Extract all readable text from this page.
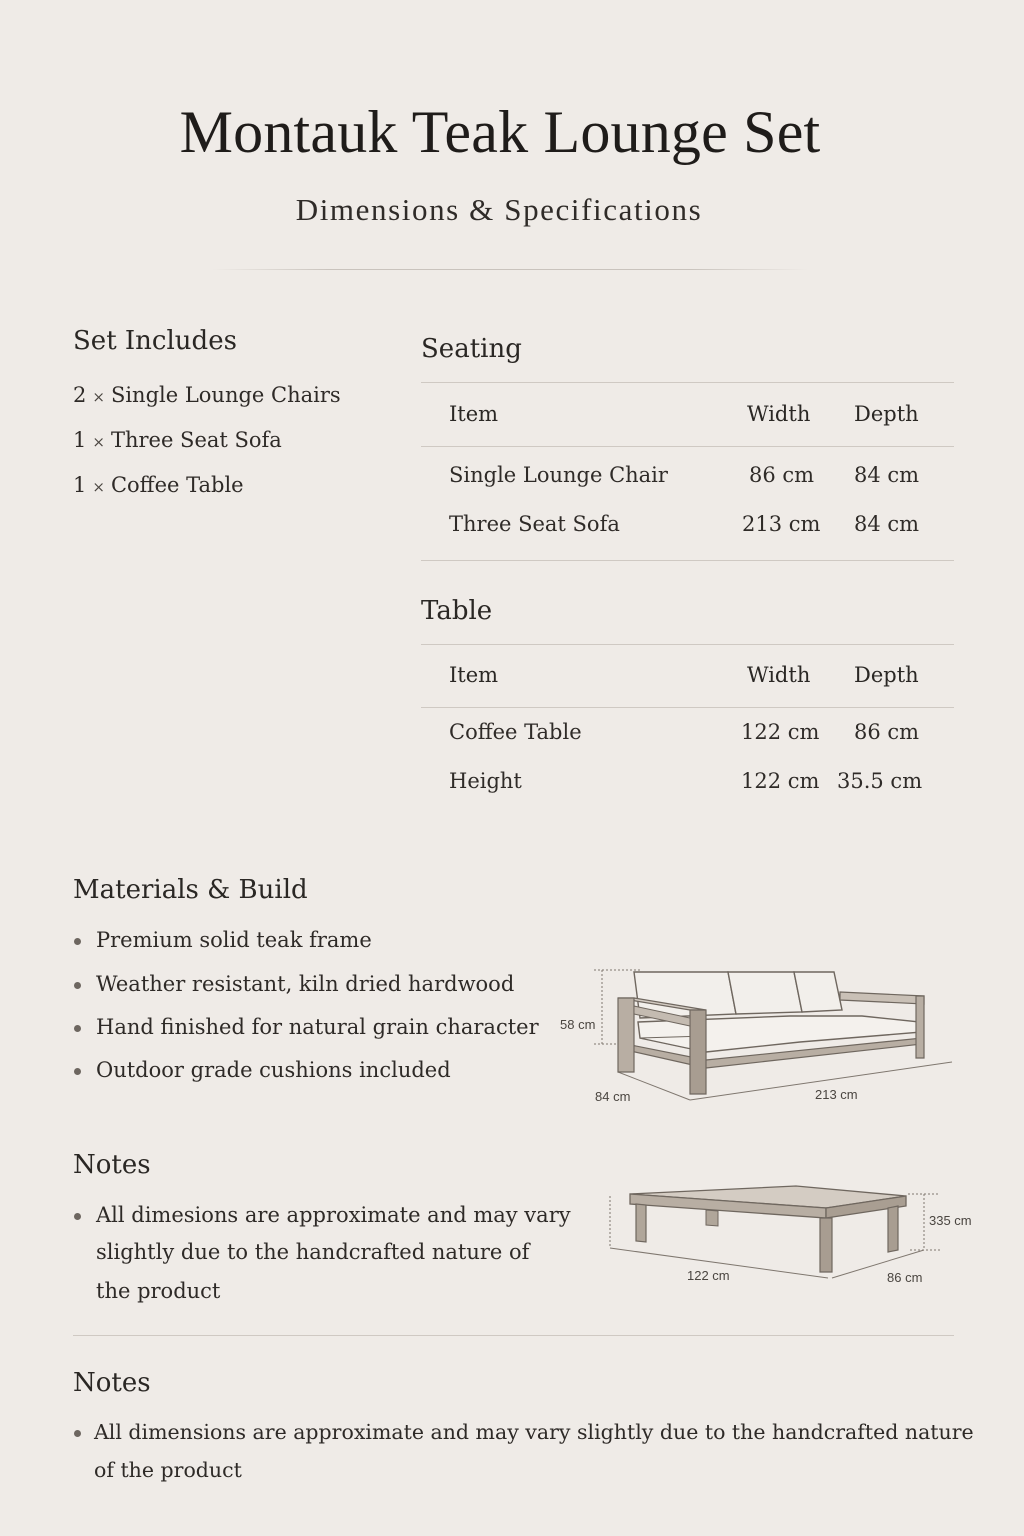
Montauk Teak Lounge Set
Dimensions & Specifications
Set Includes
2 × Single Lounge Chairs
1 × Three Seat Sofa
1 × Coffee Table
Seating
Item	Width Depth
Single Lounge Chair	86 cm 84 cm
Three Seat Sofa	213 cm 84 cm
Table
Item	Width Depth
Coffee Table	122 cm 86 cm
Height	122 cm 35.5 cm
Materials & Build
Premium solid teak frame
Weather resistant, kiln dried hardwood
Hand finished for natural grain character
Outdoor grade cushions included
58 cm
84 cm	213 cm
Notes
All dimesions are approximate and may vary
slightly due to the handcrafted nature of
the product
335 cm
122 cm	86 cm
Notes
All dimensions are approximate and may vary slightly due to the handcrafted nature
of the product
